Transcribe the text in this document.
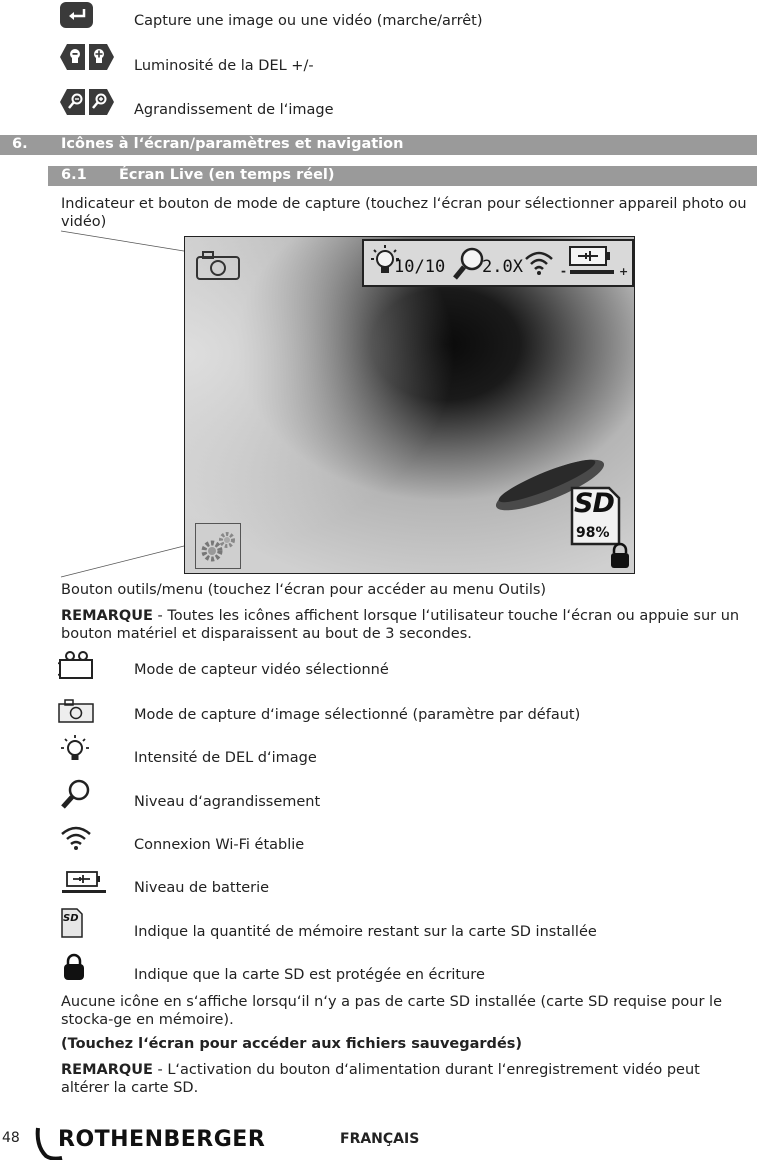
Capture une image ou une vidéo (marche/arrêt)
Luminosité de la DEL +/-
Agrandissement de l‘image
6. Icônes à l‘écran/paramètres et navigation
6.1 Écran Live (en temps réel)
Indicateur et bouton de mode de capture (touchez l‘écran pour sélectionner appareil photo ou vidéo)
10/10 2.0X	-	+
SD
98%
Bouton outils/menu (touchez l‘écran pour accéder au menu Outils)
REMARQUE - Toutes les icônes affichent lorsque l‘utilisateur touche l‘écran ou appuie sur un bouton matériel et disparaissent au bout de 3 secondes.
Mode de capteur vidéo sélectionné
Mode de capture d‘image sélectionné (paramètre par défaut)
Intensité de DEL d‘image
Niveau d‘agrandissement
Connexion Wi-Fi établie
Niveau de batterie
SD
Indique la quantité de mémoire restant sur la carte SD installée
Indique que la carte SD est protégée en écriture
Aucune icône en s‘affiche lorsqu‘il n‘y a pas de carte SD installée (carte SD requise pour le stocka-ge en mémoire).
(Touchez l‘écran pour accéder aux fichiers sauvegardés)
REMARQUE - L‘activation du bouton d‘alimentation durant l‘enregistrement vidéo peut altérer la carte SD.
48 ROTHENBERGER	FRANÇAIS
